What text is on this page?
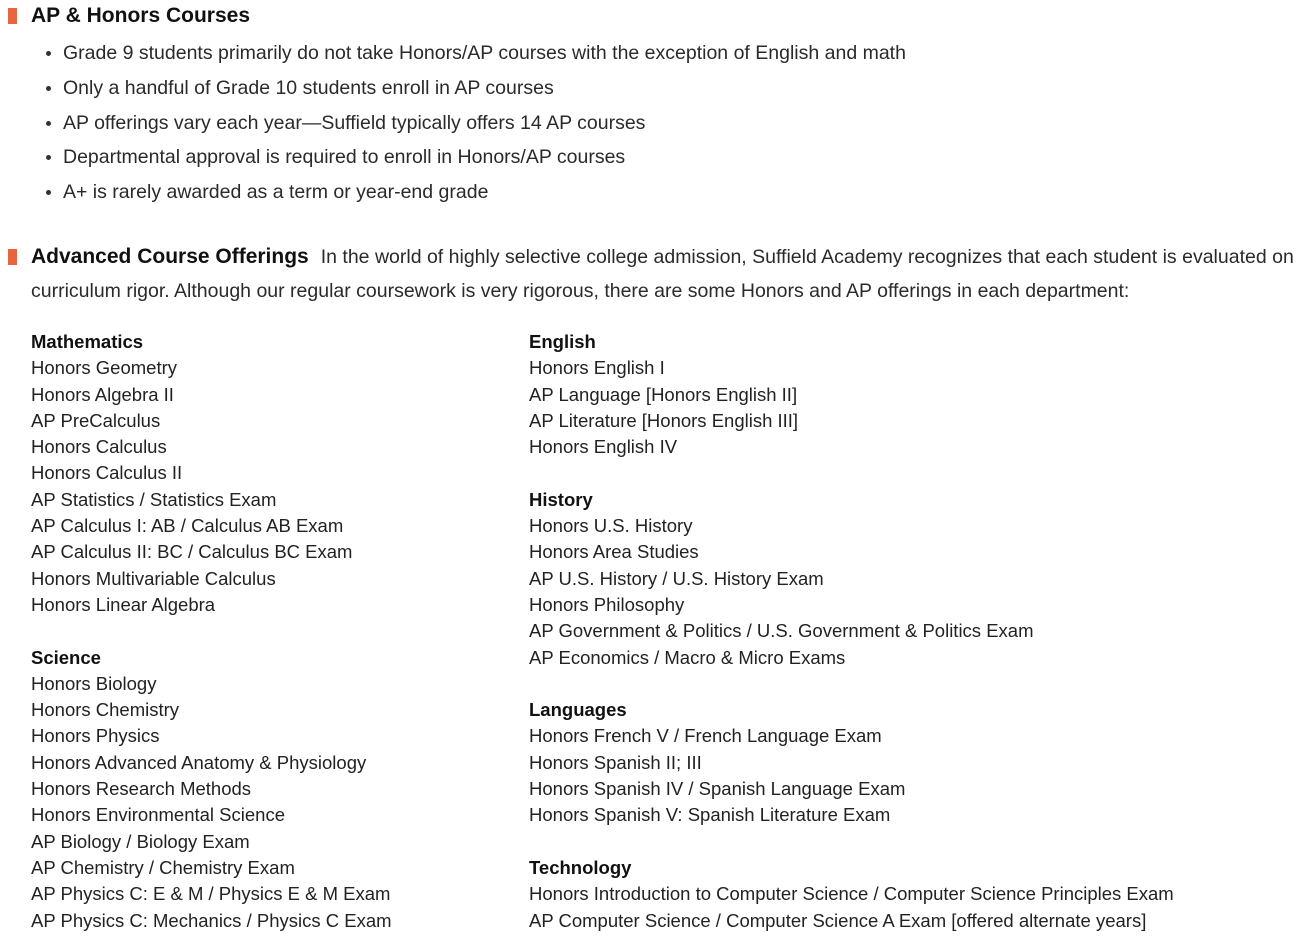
AP & Honors Courses
Grade 9 students primarily do not take Honors/AP courses with the exception of English and math
Only a handful of Grade 10 students enroll in AP courses
AP offerings vary each year—Suffield typically offers 14 AP courses
Departmental approval is required to enroll in Honors/AP courses
A+ is rarely awarded as a term or year-end grade

Advanced Course Offerings In the world of highly selective college admission, Suffield Academy recognizes that each student is evaluated on curriculum rigor. Although our regular coursework is very rigorous, there are some Honors and AP offerings in each department:

Mathematics
Honors Geometry
Honors Algebra II
AP PreCalculus
Honors Calculus
Honors Calculus II
AP Statistics / Statistics Exam
AP Calculus I: AB / Calculus AB Exam
AP Calculus II: BC / Calculus BC Exam
Honors Multivariable Calculus
Honors Linear Algebra
Science
Honors Biology
Honors Chemistry
Honors Physics
Honors Advanced Anatomy & Physiology
Honors Research Methods
Honors Environmental Science
AP Biology / Biology Exam
AP Chemistry / Chemistry Exam
AP Physics C: E & M / Physics E & M Exam
AP Physics C: Mechanics / Physics C Exam
English
Honors English I
AP Language [Honors English II]
AP Literature [Honors English III]
Honors English IV
History
Honors U.S. History
Honors Area Studies
AP U.S. History / U.S. History Exam
Honors Philosophy
AP Government & Politics / U.S. Government & Politics Exam
AP Economics / Macro & Micro Exams
Languages
Honors French V / French Language Exam
Honors Spanish II; III
Honors Spanish IV / Spanish Language Exam
Honors Spanish V: Spanish Literature Exam
Technology
Honors Introduction to Computer Science / Computer Science Principles Exam
AP Computer Science / Computer Science A Exam [offered alternate years]
